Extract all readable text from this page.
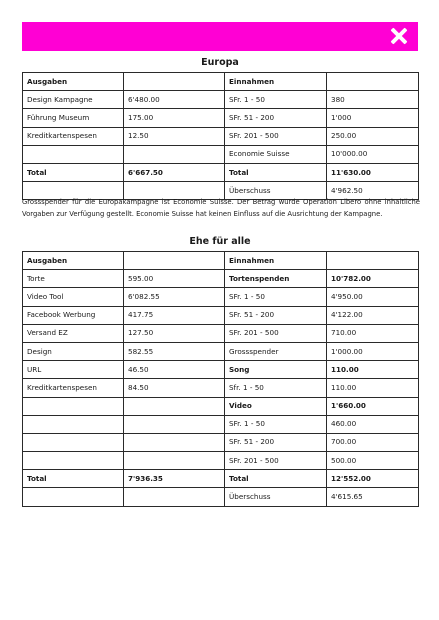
Europa
Ausgaben		Einnahmen	
Design Kampagne	6'480.00	SFr. 1 - 50	380
Führung Museum	175.00	SFr. 51 - 200	1'000
Kreditkartenspesen	12.50	SFr. 201 - 500	250.00
		Economie Suisse	10'000.00
Total	6'667.50	Total	11'630.00
		Überschuss	4'962.50
Grossspender für die Europakampagne ist Economie Suisse. Der Betrag wurde Operation Libero ohne inhaltliche Vorgaben zur Verfügung gestellt. Economie Suisse hat keinen Einfluss auf die Ausrichtung der Kampagne.
Ehe für alle
Ausgaben		Einnahmen	
Torte	595.00	Tortenspenden	10'782.00
Video Tool	6'082.55	SFr. 1 - 50	4'950.00
Facebook Werbung	417.75	SFr. 51 - 200	4'122.00
Versand EZ	127.50	SFr. 201 - 500	710.00
Design	582.55	Grossspender	1'000.00
URL	46.50	Song	110.00
Kreditkartenspesen	84.50	Sfr. 1 - 50	110.00
		Video	1'660.00
		SFr. 1 - 50	460.00
		SFr. 51 - 200	700.00
		SFr. 201 - 500	500.00
Total	7'936.35	Total	12'552.00
		Überschuss	4'615.65
